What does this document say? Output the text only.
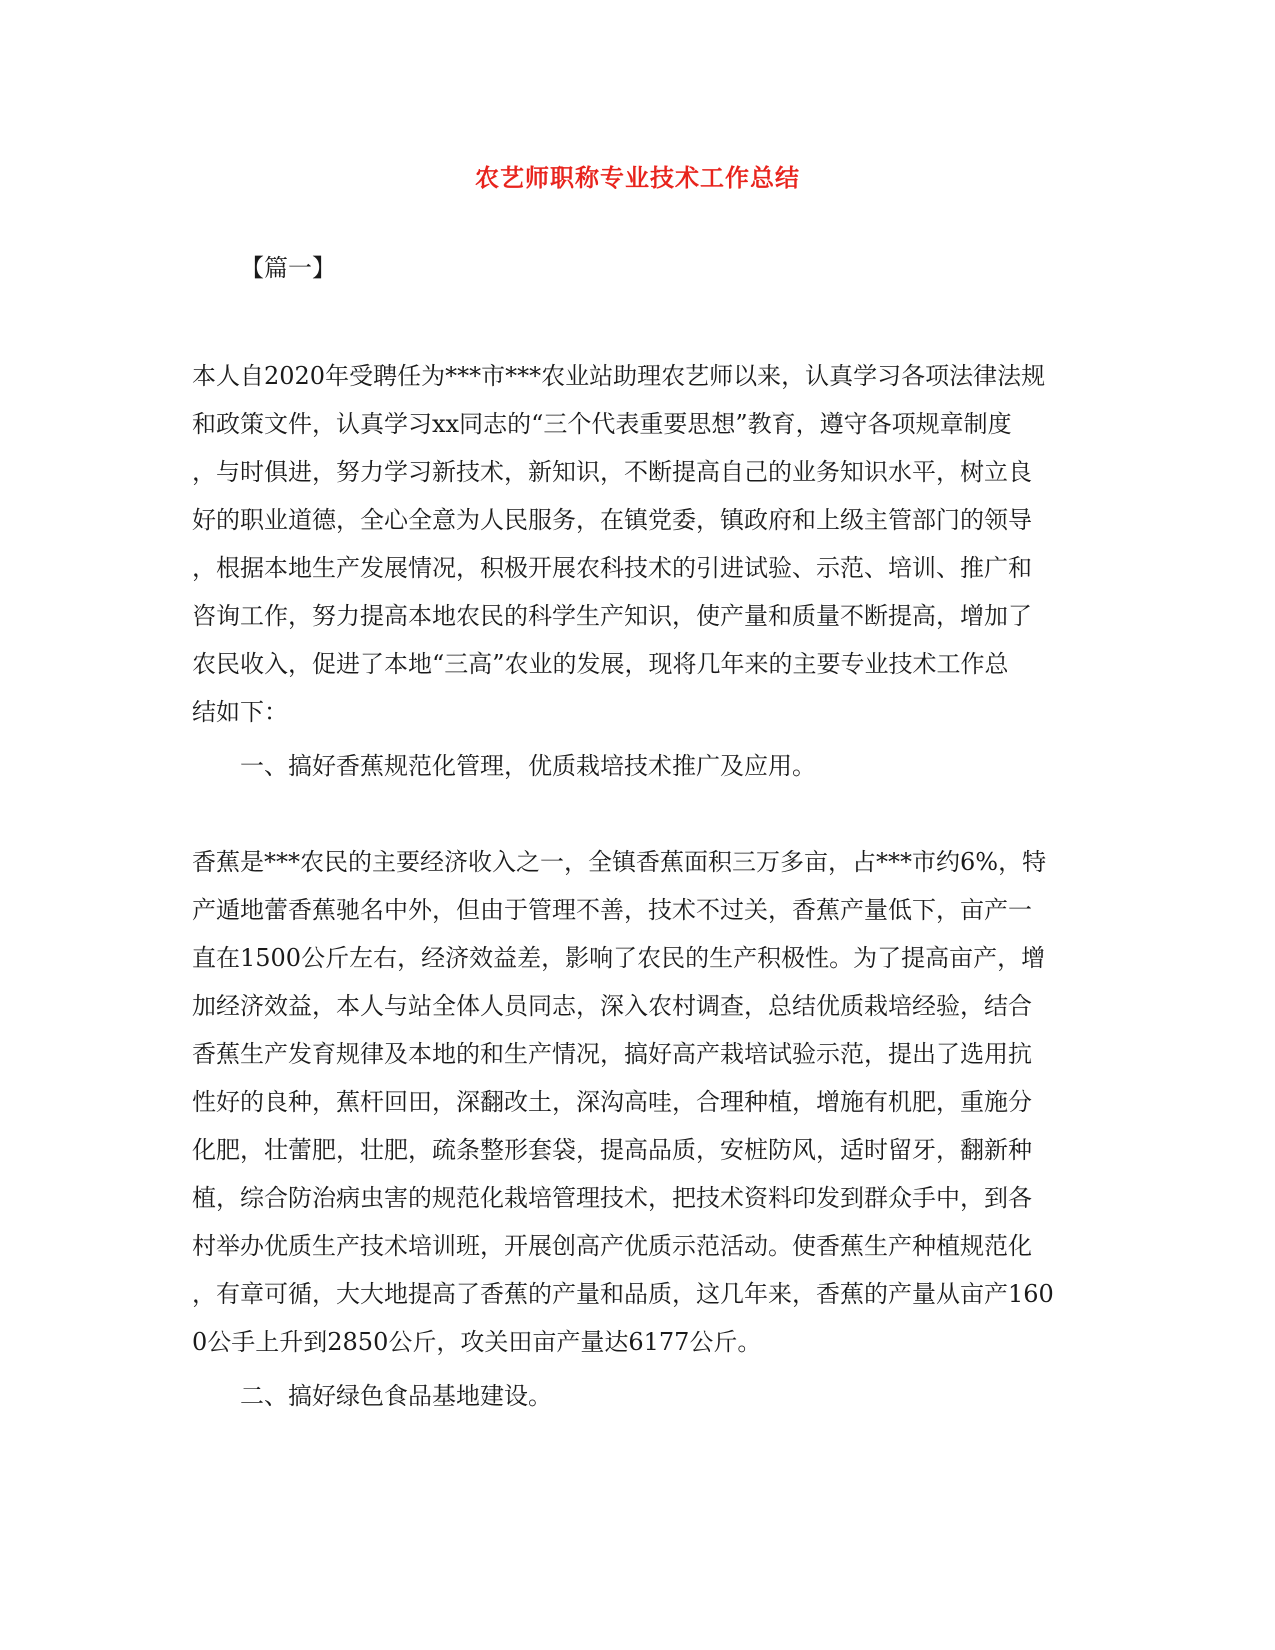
农艺师职称专业技术工作总结

【篇一】

本人自2020年受聘任为***市***农业站助理农艺师以来，认真学习各项法律法规
和政策文件，认真学习xx同志的“三个代表重要思想”教育，遵守各项规章制度
，与时俱进，努力学习新技术，新知识，不断提高自己的业务知识水平，树立良
好的职业道德，全心全意为人民服务，在镇党委，镇政府和上级主管部门的领导
，根据本地生产发展情况，积极开展农科技术的引进试验、示范、培训、推广和
咨询工作，努力提高本地农民的科学生产知识，使产量和质量不断提高，增加了
农民收入，促进了本地“三高”农业的发展，现将几年来的主要专业技术工作总
结如下：
一、搞好香蕉规范化管理，优质栽培技术推广及应用。
香蕉是***农民的主要经济收入之一，全镇香蕉面积三万多亩，占***市约6%，特
产遁地蕾香蕉驰名中外，但由于管理不善，技术不过关，香蕉产量低下，亩产一
直在1500公斤左右，经济效益差，影响了农民的生产积极性。为了提高亩产，增
加经济效益，本人与站全体人员同志，深入农村调查，总结优质栽培经验，结合
香蕉生产发育规律及本地的和生产情况，搞好高产栽培试验示范，提出了选用抗
性好的良种，蕉杆回田，深翻改土，深沟高哇，合理种植，增施有机肥，重施分
化肥，壮蕾肥，壮肥，疏条整形套袋，提高品质，安桩防风，适时留牙，翻新种
植，综合防治病虫害的规范化栽培管理技术，把技术资料印发到群众手中，到各
村举办优质生产技术培训班，开展创高产优质示范活动。使香蕉生产种植规范化
，有章可循，大大地提高了香蕉的产量和品质，这几年来，香蕉的产量从亩产160
0公手上升到2850公斤，攻关田亩产量达6177公斤。
二、搞好绿色食品基地建设。
